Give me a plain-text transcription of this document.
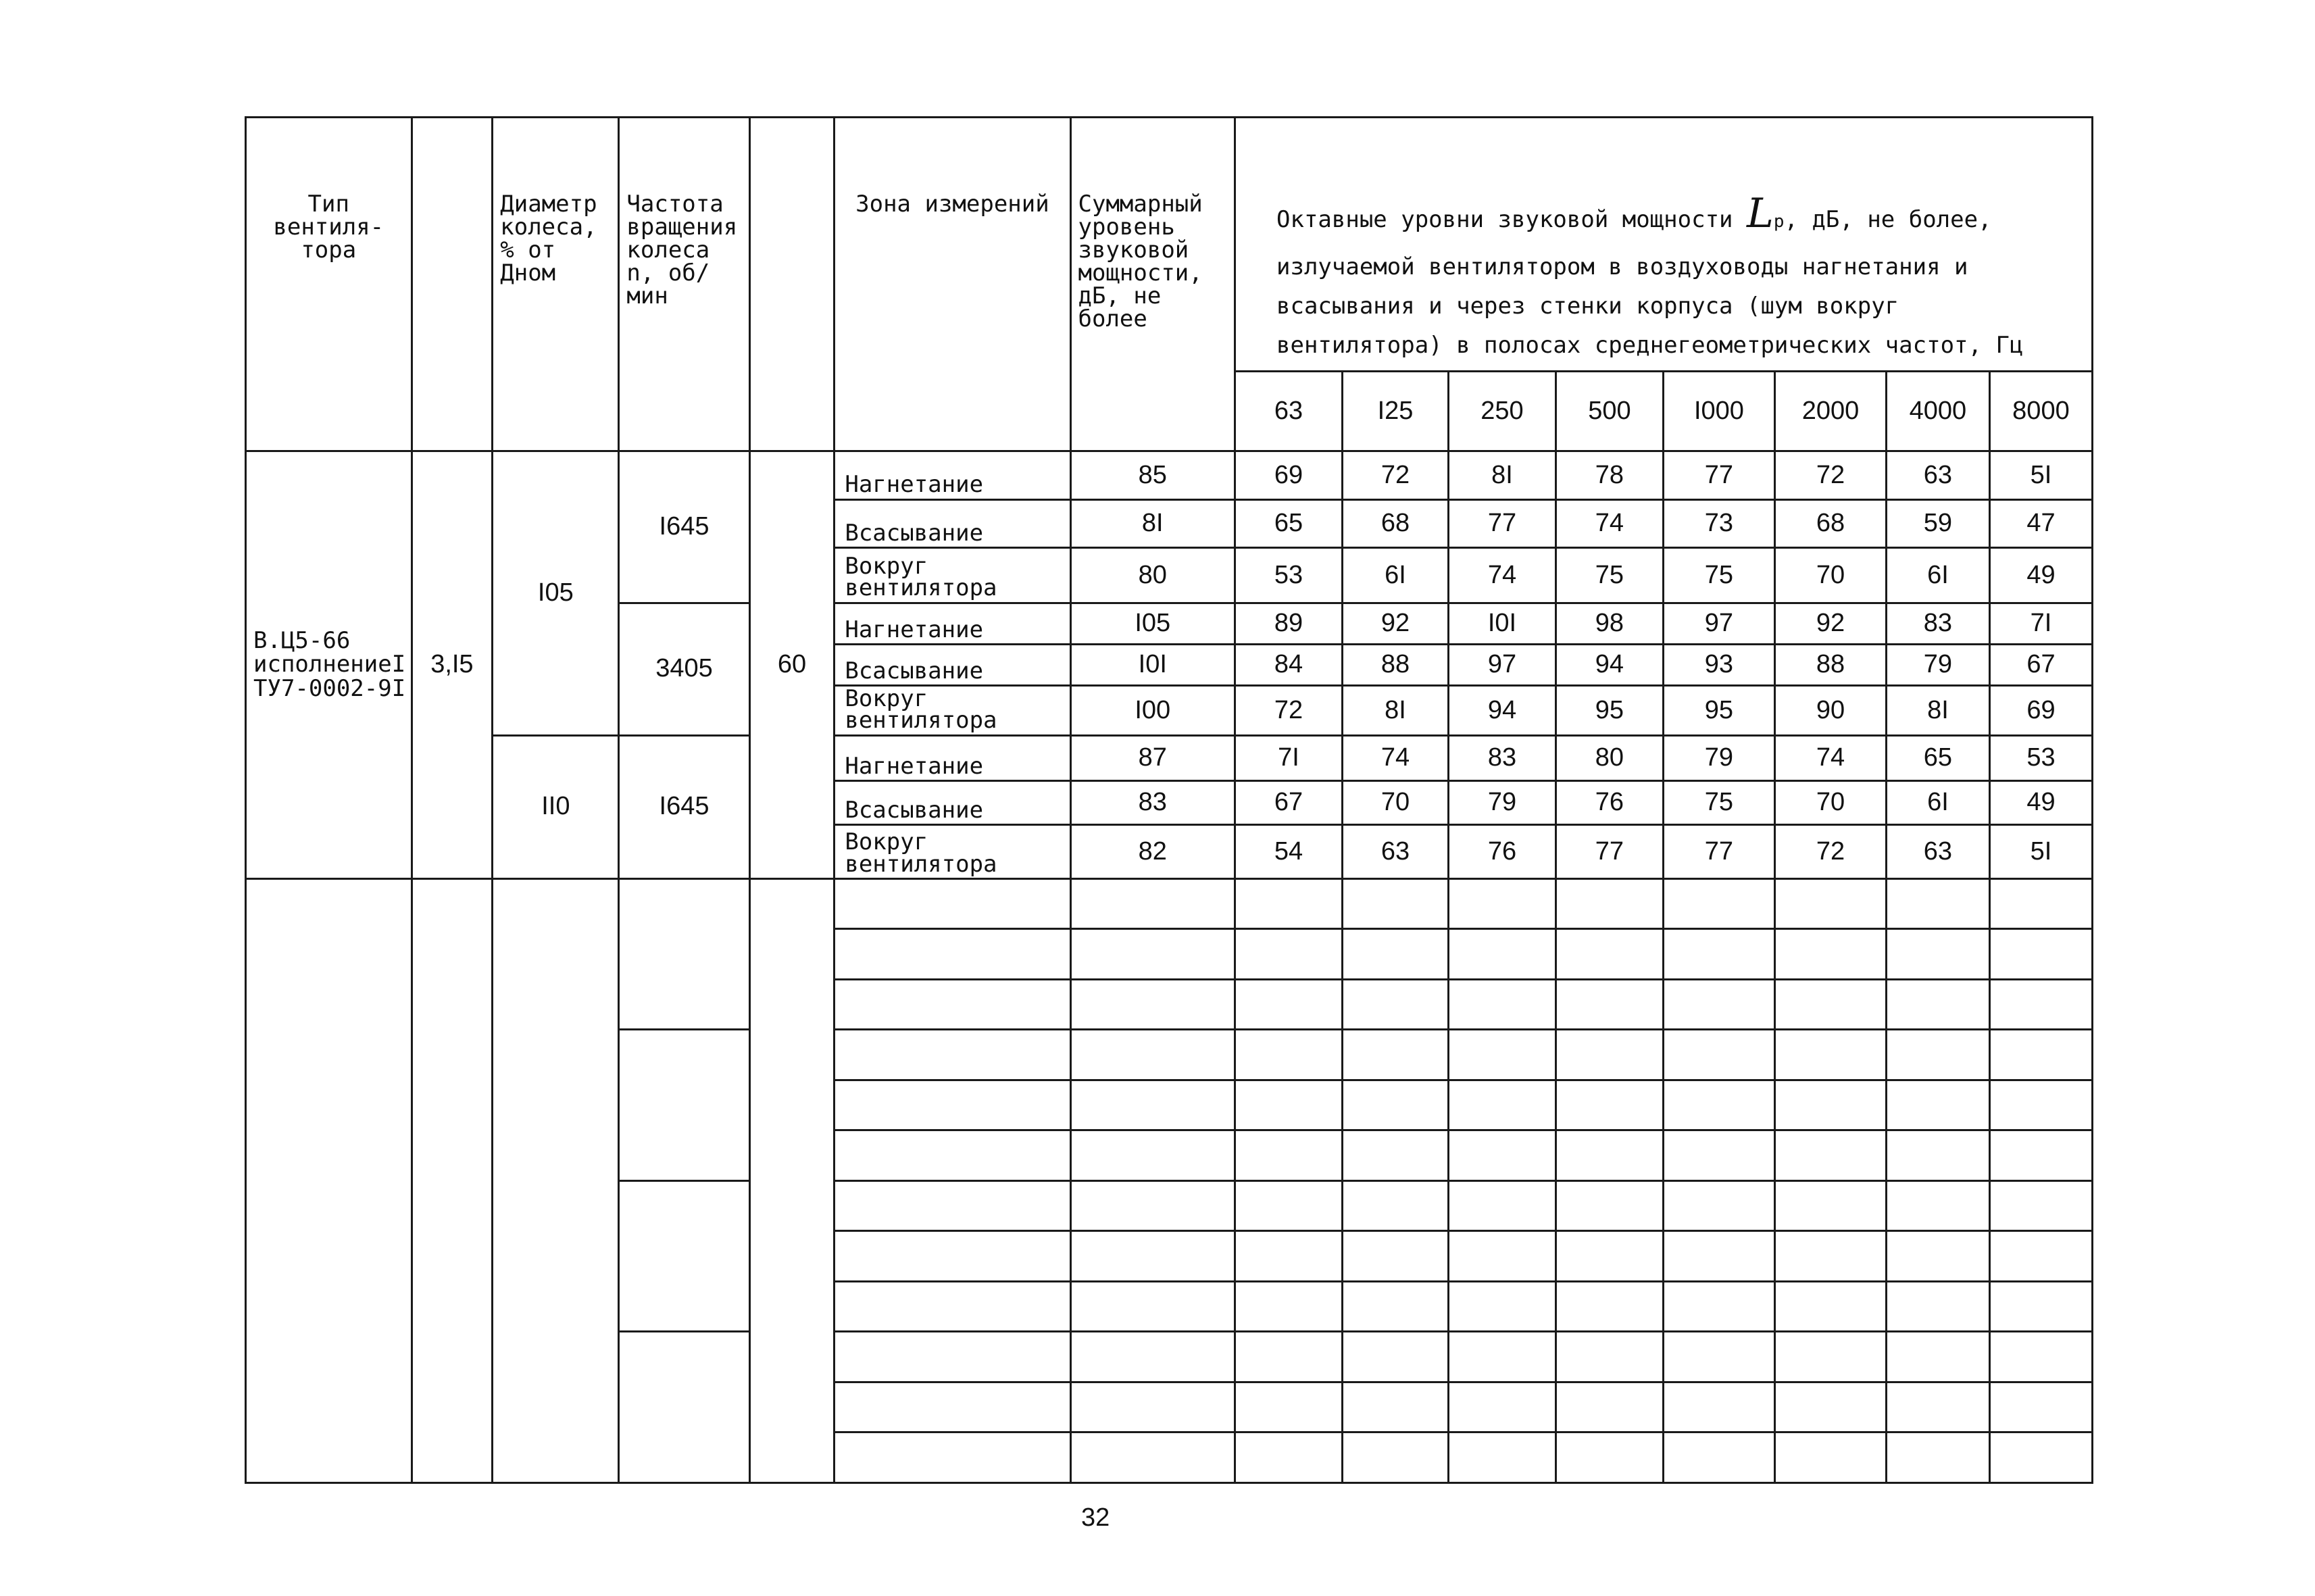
Тип вентиля-тора		Диаметр колеса, % от Дном	Частота вращения колеса n, об/мин		Зона измерений	Суммарный уровень звуковой мощности, дБ, не более	Октавные уровни звуковой мощности Lр, дБ, не более, излучаемой вентилятором в воздуховоды нагнетания и всасывания и через стенки корпуса (шум вокруг вентилятора) в полосах среднегеометрических частот, Гц							
							63	I25	250	500	I000	2000	4000	8000
В.Ц5-66 исполнениеI ТУ7-0002-9I	3,I5	I05	I645	60	Нагнетание	85	69	72	8I	78	77	72	63	5I
					Всасывание	8I	65	68	77	74	73	68	59	47
					Вокруг вентилятора	80	53	6I	74	75	75	70	6I	49
			3405		Нагнетание	I05	89	92	I0I	98	97	92	83	7I
					Всасывание	I0I	84	88	97	94	93	88	79	67
					Вокруг вентилятора	I00	72	8I	94	95	95	90	8I	69
		II0	I645		Нагнетание	87	7I	74	83	80	79	74	65	53
					Всасывание	83	67	70	79	76	75	70	6I	49
					Вокруг вентилятора	82	54	63	76	77	77	72	63	5I

32
